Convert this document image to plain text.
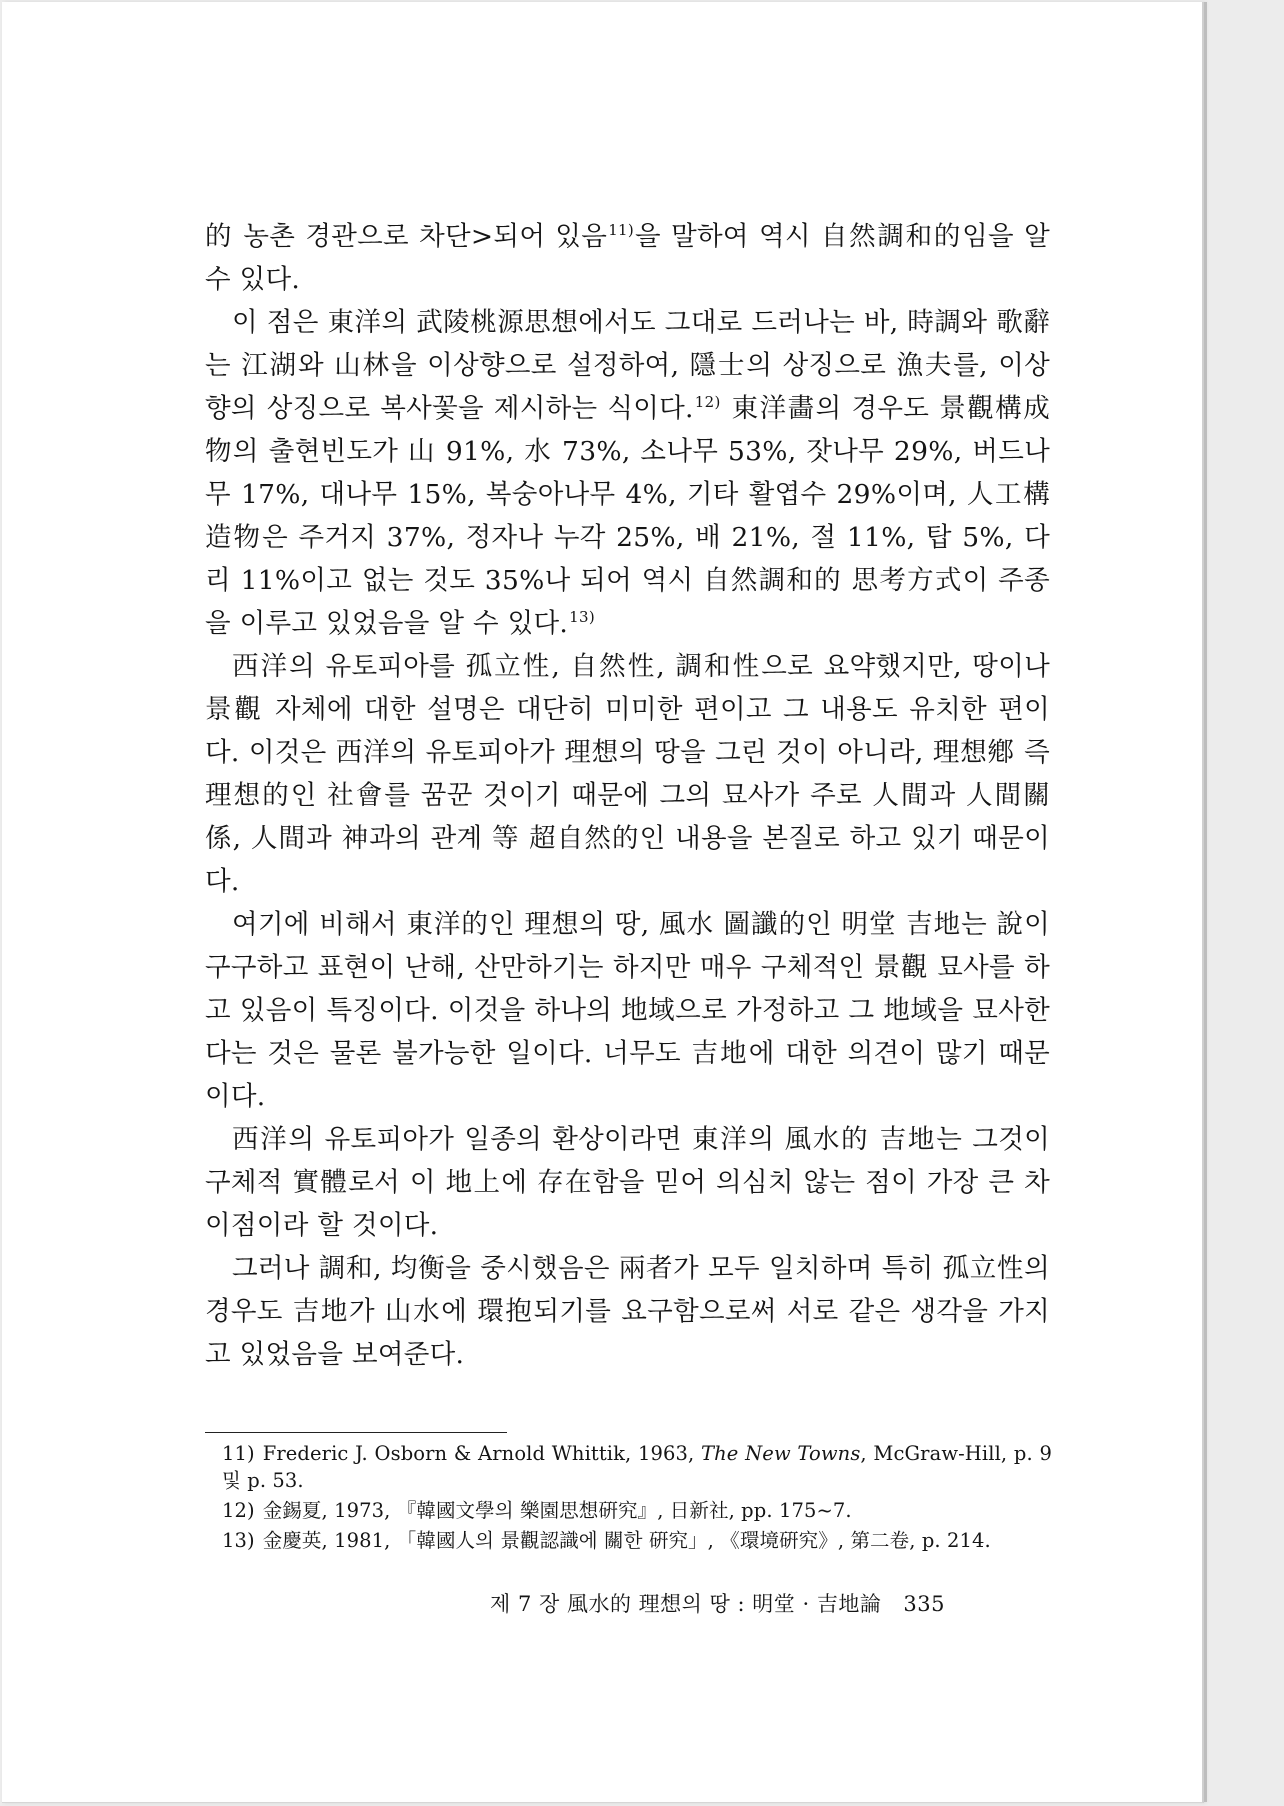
的 농촌 경관으로 차단>되어 있음$^{11)}$을 말하여 역시 自然調和的임을 알 수 있다.

이 점은 東洋의 武陵桃源思想에서도 그대로 드러나는 바, 時調와 歌辭는 江湖와 山林을 이상향으로 설정하여, 隱士의 상징으로 漁夫를, 이상향의 상징으로 복사꽃을 제시하는 식이다.$^{12)}$ 東洋畵의 경우도 景觀構成物의 출현빈도가 山 91%, 水 73%, 소나무 53%, 잣나무 29%, 버드나무 17%, 대나무 15%, 복숭아나무 4%, 기타 활엽수 29%이며, 人工構造物은 주거지 37%, 정자나 누각 25%, 배 21%, 절 11%, 탑 5%, 다리 11%이고 없는 것도 35%나 되어 역시 自然調和的 思考方式이 주종을 이루고 있었음을 알 수 있다.$^{13)}$

西洋의 유토피아를 孤立性, 自然性, 調和性으로 요약했지만, 땅이나 景觀 자체에 대한 설명은 대단히 미미한 편이고 그 내용도 유치한 편이다. 이것은 西洋의 유토피아가 理想의 땅을 그린 것이 아니라, 理想鄕 즉 理想的인 社會를 꿈꾼 것이기 때문에 그의 묘사가 주로 人間과 人間關係, 人間과 神과의 관계 等 超自然的인 내용을 본질로 하고 있기 때문이다.

여기에 비해서 東洋的인 理想의 땅, 風水 圖讖的인 明堂 吉地는 說이 구구하고 표현이 난해, 산만하기는 하지만 매우 구체적인 景觀 묘사를 하고 있음이 특징이다. 이것을 하나의 地域으로 가정하고 그 地域을 묘사한다는 것은 물론 불가능한 일이다. 너무도 吉地에 대한 의견이 많기 때문이다.

西洋의 유토피아가 일종의 환상이라면 東洋의 風水的 吉地는 그것이 구체적 實體로서 이 地上에 存在함을 믿어 의심치 않는 점이 가장 큰 차이점이라 할 것이다.

그러나 調和, 均衡을 중시했음은 兩者가 모두 일치하며 특히 孤立性의 경우도 吉地가 山水에 環抱되기를 요구함으로써 서로 같은 생각을 가지고 있었음을 보여준다.

11) Frederic J. Osborn & Arnold Whittik, 1963, The New Towns, McGraw-Hill, p. 9 및 p. 53.

12) 金錫夏, 1973, 『韓國文學의 樂園思想硏究』, 日新社, pp. 175~7.

13) 金慶英, 1981, 「韓國人의 景觀認識에 關한 硏究」, 《環境硏究》, 第二卷, p. 214.

제 7 장 風水的 理想의 땅 : 明堂 · 吉地論 335
